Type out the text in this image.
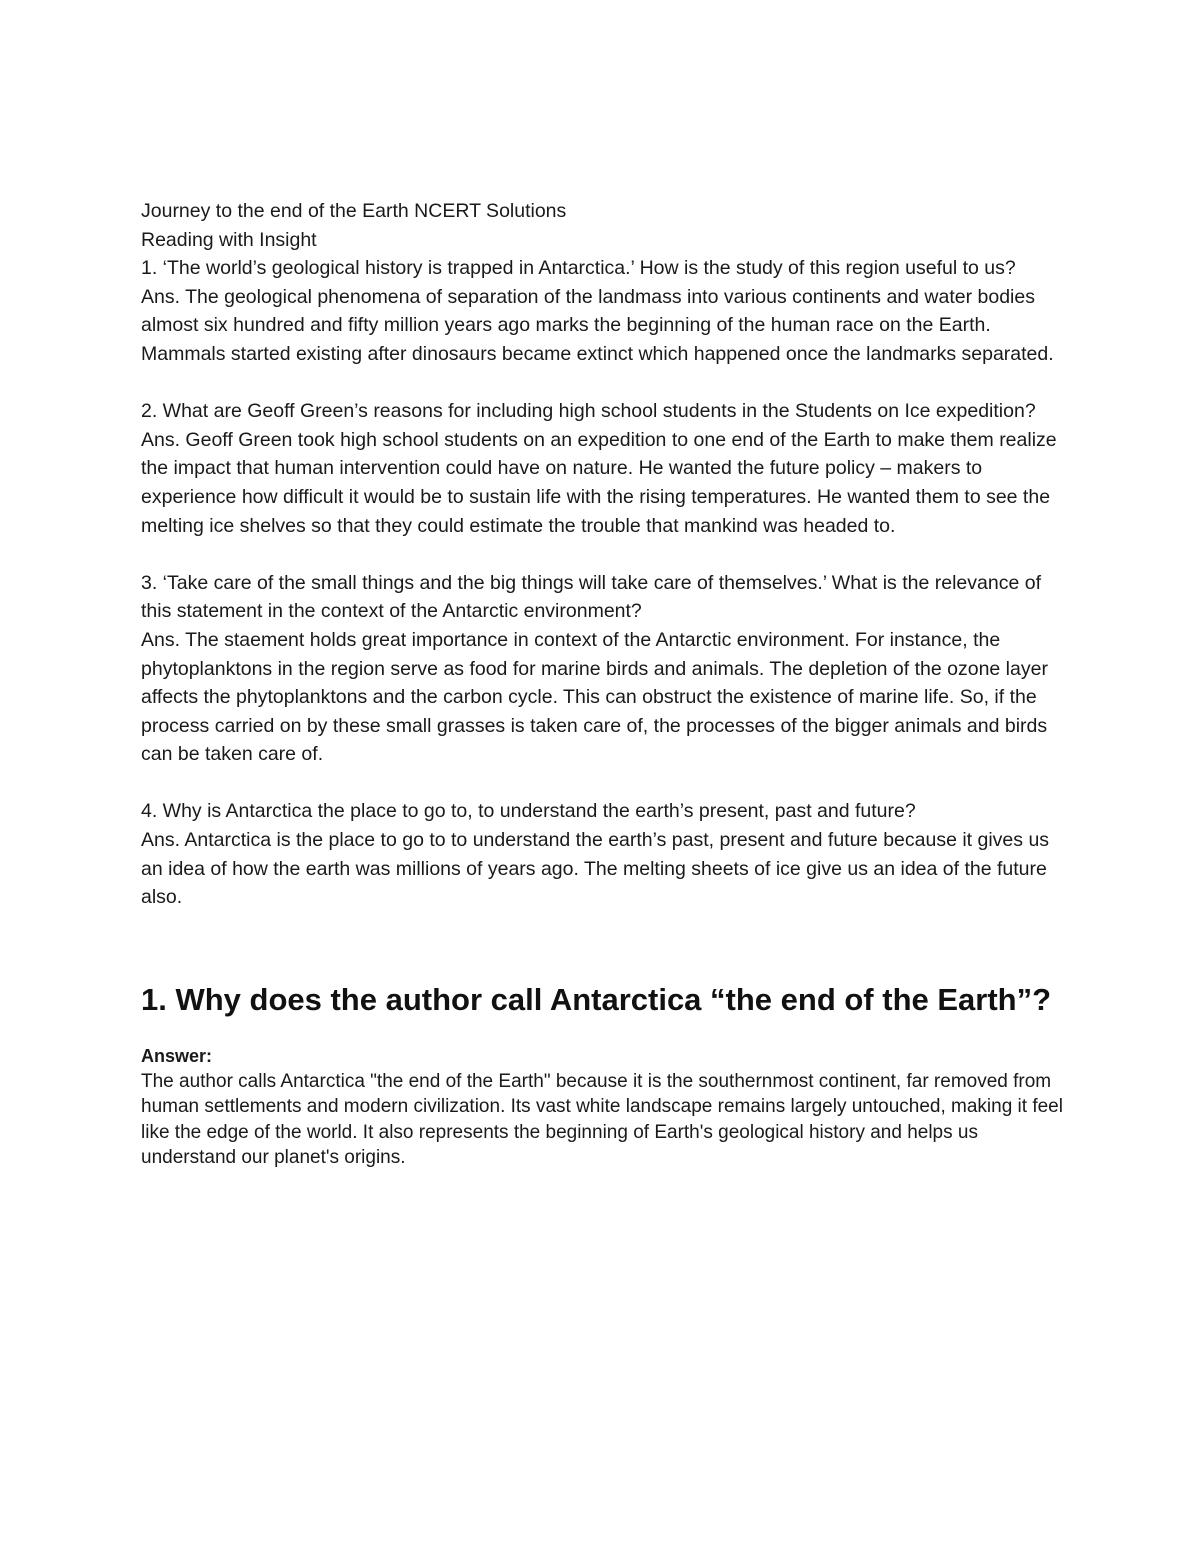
Journey to the end of the Earth NCERT Solutions

Reading with Insight

1. ‘The world’s geological history is trapped in Antarctica.’ How is the study of this region useful to us?

Ans. The geological phenomena of separation of the landmass into various continents and water bodies almost six hundred and fifty million years ago marks the beginning of the human race on the Earth. Mammals started existing after dinosaurs became extinct which happened once the landmarks separated.

2. What are Geoff Green’s reasons for including high school students in the Students on Ice expedition?

Ans. Geoff Green took high school students on an expedition to one end of the Earth to make them realize the impact that human intervention could have on nature. He wanted the future policy – makers to experience how difficult it would be to sustain life with the rising temperatures. He wanted them to see the melting ice shelves so that they could estimate the trouble that mankind was headed to.

3. ‘Take care of the small things and the big things will take care of themselves.’ What is the relevance of this statement in the context of the Antarctic environment?

Ans. The staement holds great importance in context of the Antarctic environment. For instance, the phytoplanktons in the region serve as food for marine birds and animals. The depletion of the ozone layer affects the phytoplanktons and the carbon cycle. This can obstruct the existence of marine life. So, if the process carried on by these small grasses is taken care of, the processes of the bigger animals and birds can be taken care of.

4. Why is Antarctica the place to go to, to understand the earth’s present, past and future?

Ans. Antarctica is the place to go to to understand the earth’s past, present and future because it gives us an idea of how the earth was millions of years ago. The melting sheets of ice give us an idea of the future also.

1. Why does the author call Antarctica “the end of the Earth”?

Answer:

The author calls Antarctica "the end of the Earth" because it is the southernmost continent, far removed from human settlements and modern civilization. Its vast white landscape remains largely untouched, making it feel like the edge of the world. It also represents the beginning of Earth's geological history and helps us understand our planet's origins.
